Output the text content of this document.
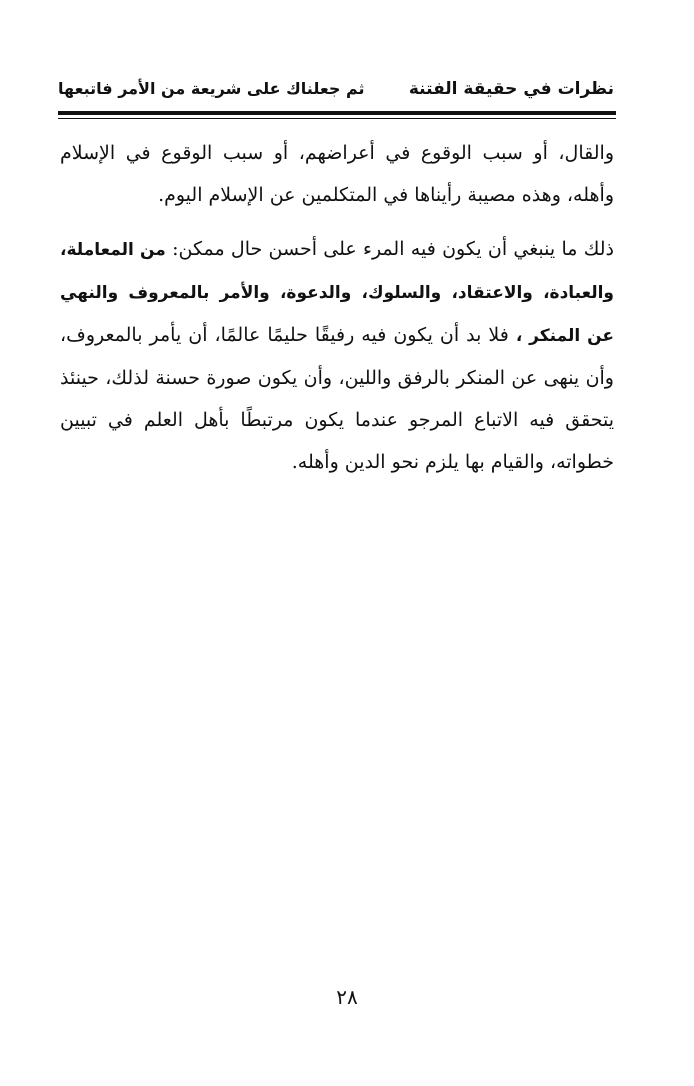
نظرات في حقيقة الفتنة
ثم جعلناك على شريعة من الأمر فاتبعها

والقال، أو سبب الوقوع في أعراضهم، أو سبب الوقوع في الإسلام وأهله، وهذه مصيبة رأيناها في المتكلمين عن الإسلام اليوم.

ذلك ما ينبغي أن يكون فيه المرء على أحسن حال ممكن: من المعاملة، والعبادة، والاعتقاد، والسلوك، والدعوة، والأمر بالمعروف والنهي عن المنكر ، فلا بد أن يكون فيه رفيقًا حليمًا عالمًا، أن يأمر بالمعروف، وأن ينهى عن المنكر بالرفق واللين، وأن يكون صورة حسنة لذلك، حينئذ يتحقق فيه الاتباع المرجو عندما يكون مرتبطًا بأهل العلم في تبيين خطواته، والقيام بها يلزم نحو الدين وأهله.

٢٨
